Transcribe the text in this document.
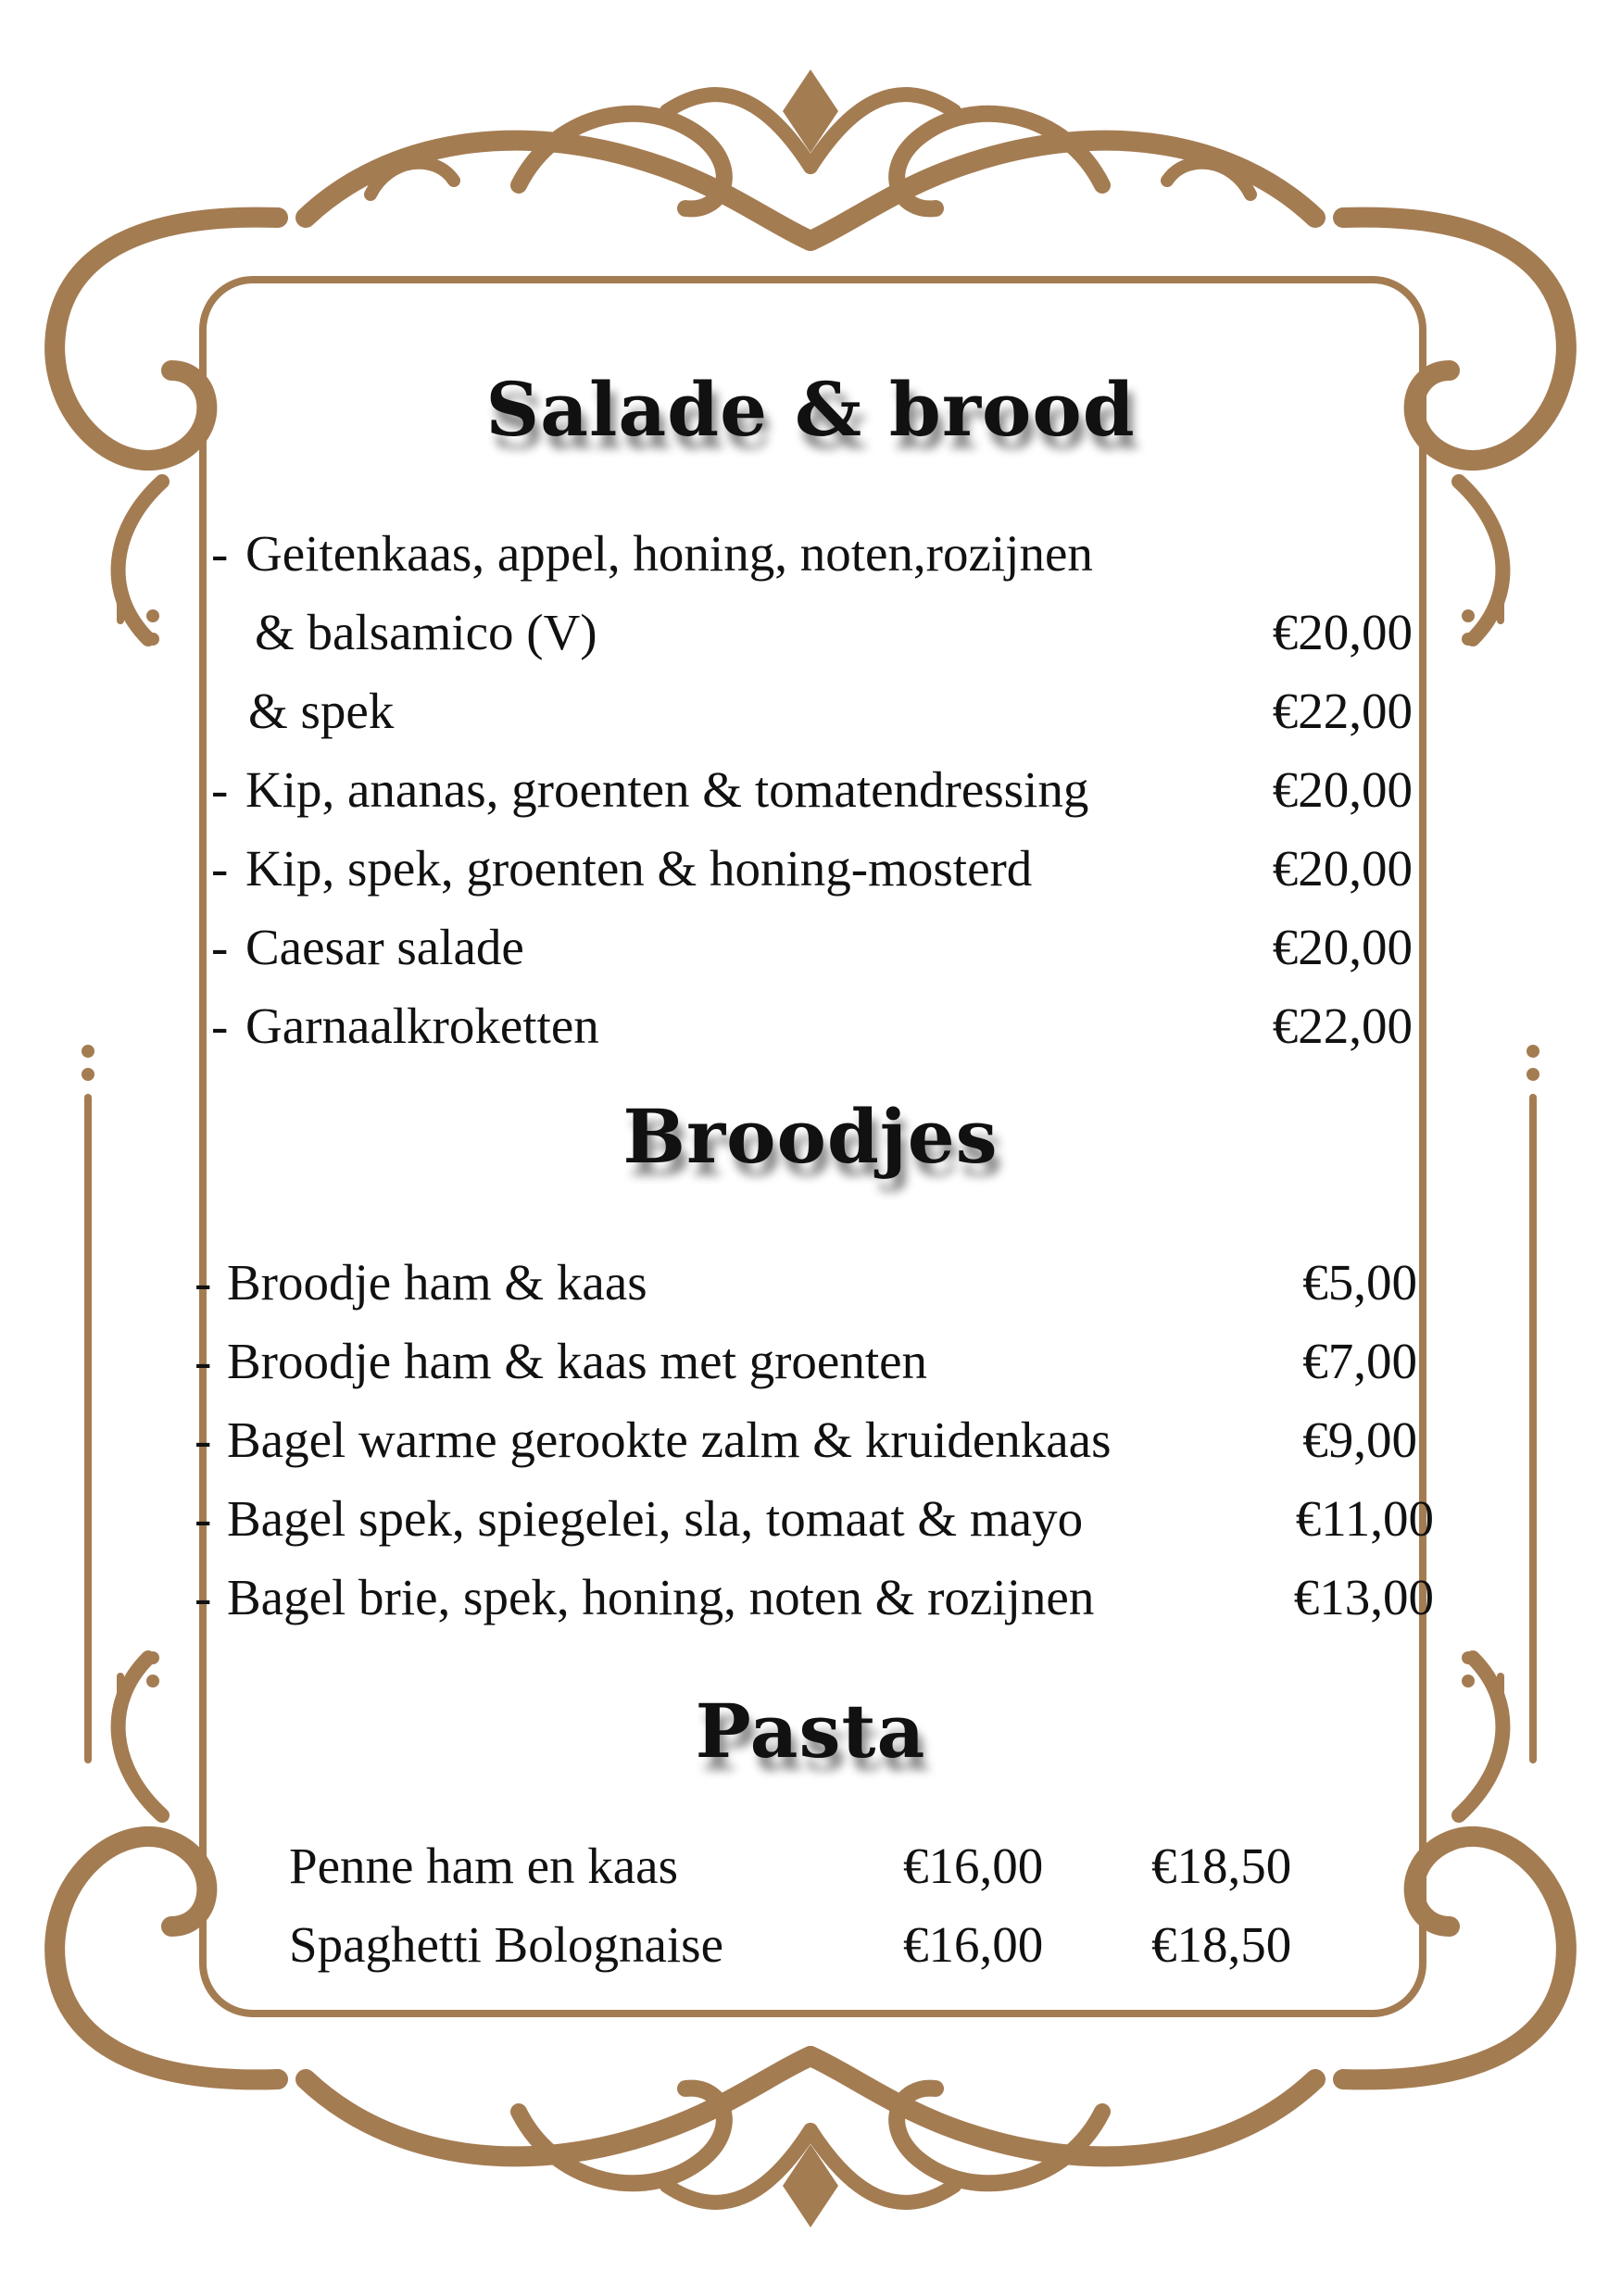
Salade & brood
- Geitenkaas, appel, honing, noten,rozijnen
& balsamico (V)	€20,00
& spek	€22,00
- Kip, ananas, groenten & tomatendressing	€20,00
- Kip, spek, groenten & honing-mosterd	€20,00
- Caesar salade	€20,00
- Garnaalkroketten	€22,00
Broodjes
- Broodje ham & kaas	€5,00
- Broodje ham & kaas met groenten	€7,00
- Bagel warme gerookte zalm & kruidenkaas	€9,00
- Bagel spek, spiegelei, sla, tomaat & mayo	€11,00
- Bagel brie, spek, honing, noten & rozijnen	€13,00
Pasta
Penne ham en kaas	€16,00 €18,50
Spaghetti Bolognaise	€16,00 €18,50
